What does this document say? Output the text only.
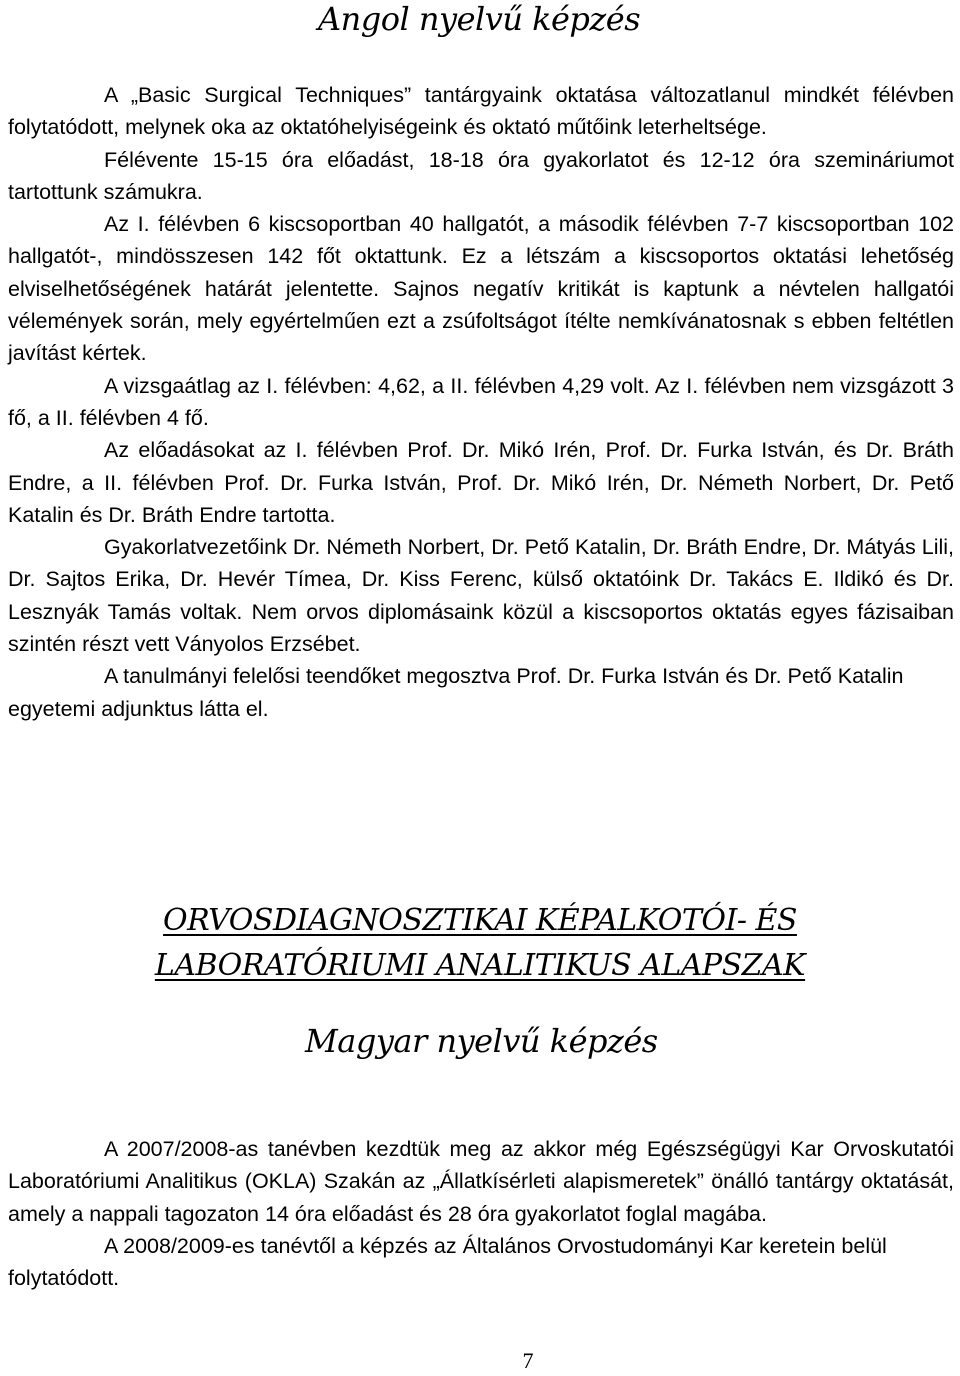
Angol nyelvű képzés

A „Basic Surgical Techniques” tantárgyaink oktatása változatlanul mindkét félévben folytatódott, melynek oka az oktatóhelyiségeink és oktató műtőink leterheltsége.

Félévente 15-15 óra előadást, 18-18 óra gyakorlatot és 12-12 óra szemináriumot tartottunk számukra.

Az I. félévben 6 kiscsoportban 40 hallgatót, a második félévben 7-7 kiscsoportban 102 hallgatót-, mindösszesen 142 főt oktattunk. Ez a létszám a kiscsoportos oktatási lehetőség elviselhetőségének határát jelentette. Sajnos negatív kritikát is kaptunk a névtelen hallgatói vélemények során, mely egyértelműen ezt a zsúfoltságot ítélte nemkívánatosnak s ebben feltétlen javítást kértek.

A vizsgaátlag az I. félévben: 4,62, a II. félévben 4,29 volt. Az I. félévben nem vizsgázott 3 fő, a II. félévben 4 fő.

Az előadásokat az I. félévben Prof. Dr. Mikó Irén, Prof. Dr. Furka István, és Dr. Bráth Endre, a II. félévben Prof. Dr. Furka István, Prof. Dr. Mikó Irén, Dr. Németh Norbert, Dr. Pető Katalin és Dr. Bráth Endre tartotta.

Gyakorlatvezetőink Dr. Németh Norbert, Dr. Pető Katalin, Dr. Bráth Endre, Dr. Mátyás Lili, Dr. Sajtos Erika, Dr. Hevér Tímea, Dr. Kiss Ferenc, külső oktatóink Dr. Takács E. Ildikó és Dr. Lesznyák Tamás voltak. Nem orvos diplomásaink közül a kiscsoportos oktatás egyes fázisaiban szintén részt vett Ványolos Erzsébet.

A tanulmányi felelősi teendőket megosztva Prof. Dr. Furka István és Dr. Pető Katalin egyetemi adjunktus látta el.

ORVOSDIAGNOSZTIKAI KÉPALKOTÓI- ÉS
LABORATÓRIUMI ANALITIKUS ALAPSZAK
Magyar nyelvű képzés

A 2007/2008-as tanévben kezdtük meg az akkor még Egészségügyi Kar Orvoskutatói Laboratóriumi Analitikus (OKLA) Szakán az „Állatkísérleti alapismeretek” önálló tantárgy oktatását, amely a nappali tagozaton 14 óra előadást és 28 óra gyakorlatot foglal magába.

A 2008/2009-es tanévtől a képzés az Általános Orvostudományi Kar keretein belül folytatódott.

7
